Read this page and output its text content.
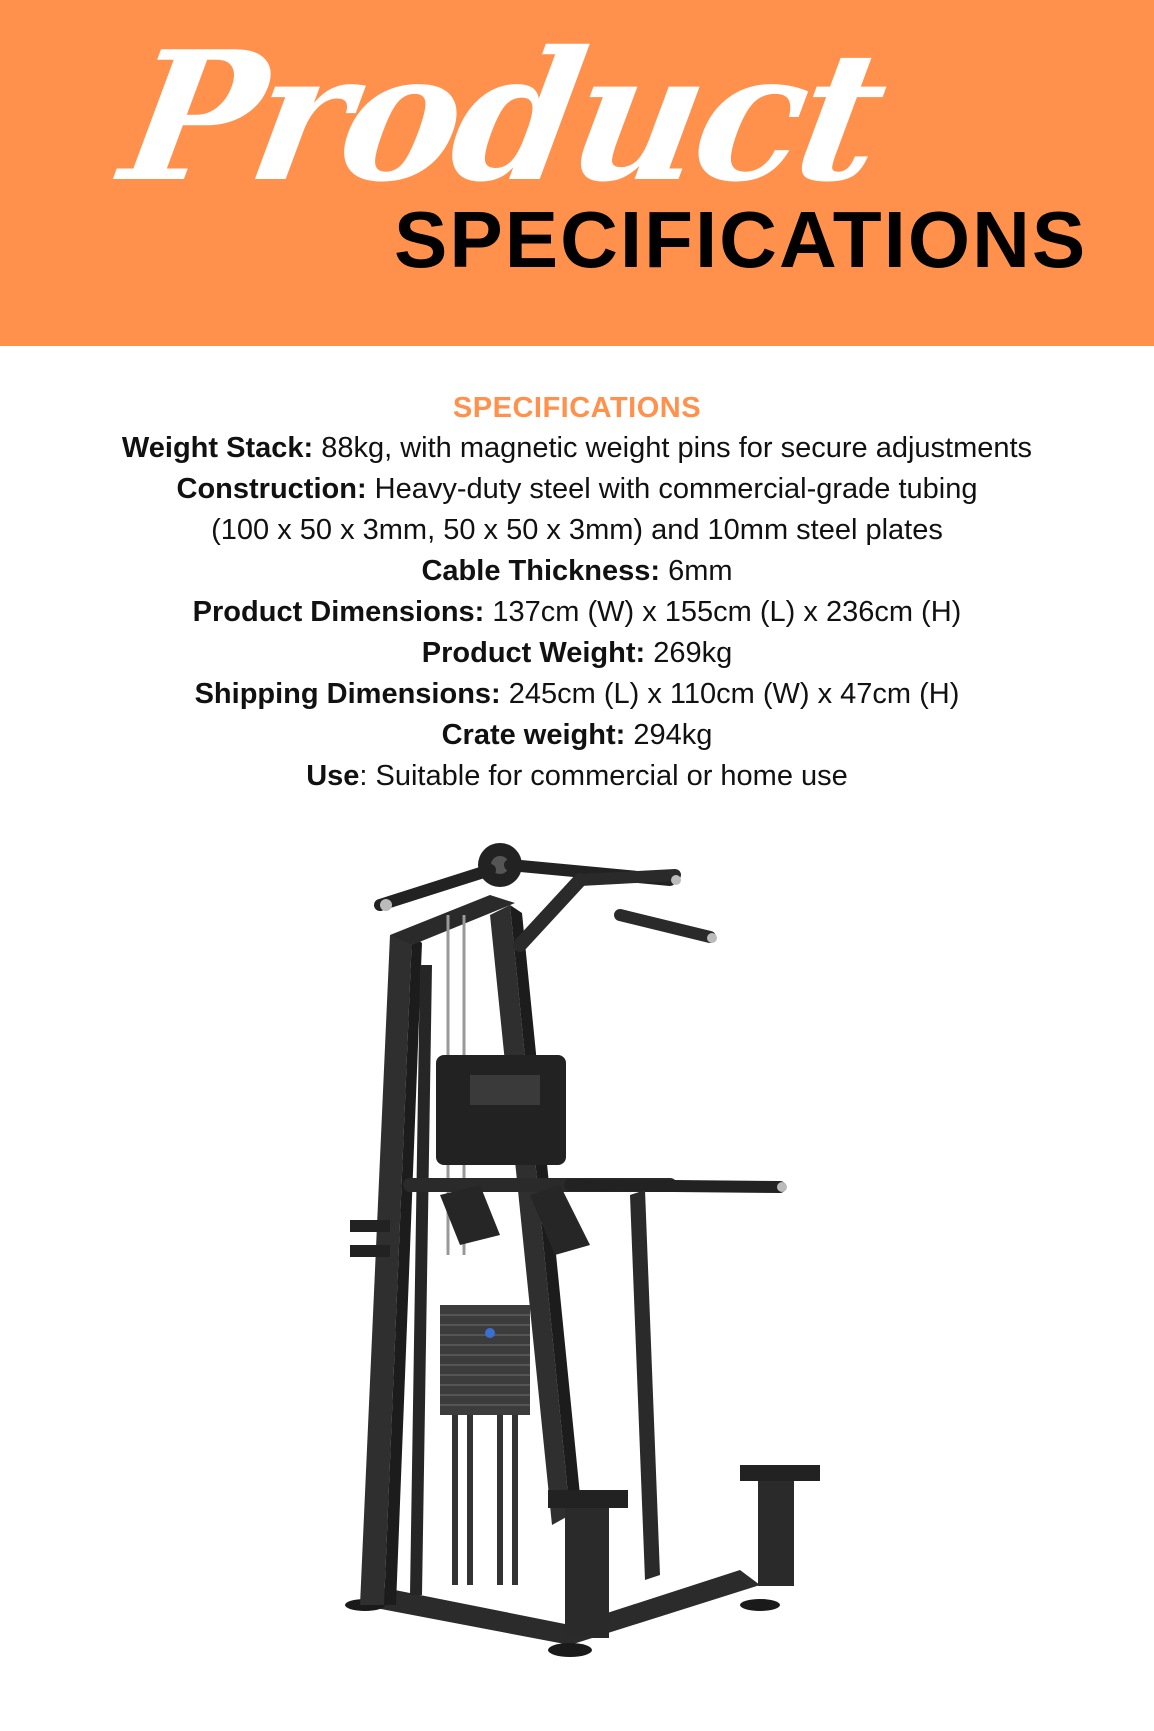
Product
SPECIFICATIONS

SPECIFICATIONS

Weight Stack: 88kg, with magnetic weight pins for secure adjustments

Construction: Heavy-duty steel with commercial-grade tubing

(100 x 50 x 3mm, 50 x 50 x 3mm) and 10mm steel plates

Cable Thickness: 6mm

Product Dimensions: 137cm (W) x 155cm (L) x 236cm (H)

Product Weight: 269kg

Shipping Dimensions: 245cm (L) x 110cm (W) x 47cm (H)

Crate weight: 294kg

Use: Suitable for commercial or home use
